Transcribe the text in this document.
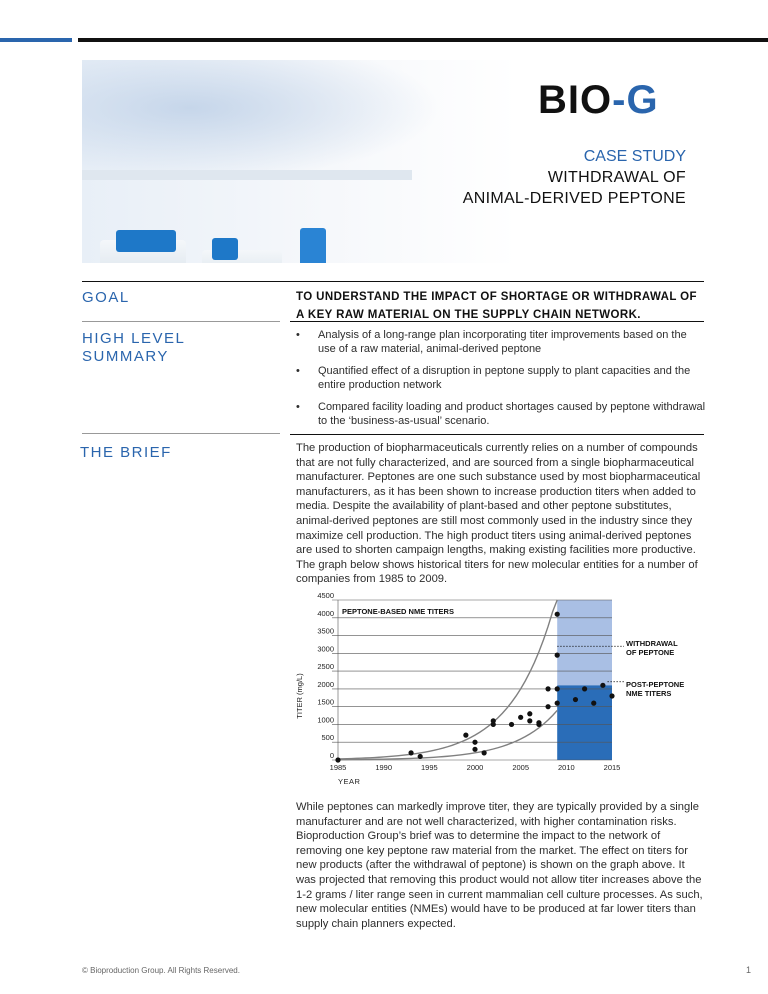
BIO-G
CASE STUDY
WITHDRAWAL OF
ANIMAL-DERIVED PEPTONE
GOAL	TO UNDERSTAND THE IMPACT OF SHORTAGE OR WITHDRAWAL OF A KEY RAW MATERIAL ON THE SUPPLY CHAIN NETWORK.
HIGH LEVEL
SUMMARY
• Analysis of a long-range plan incorporating titer improvements based on the use of a raw material, animal-derived peptone
• Quantified effect of a disruption in peptone supply to plant capacities and the entire production network
• Compared facility loading and product shortages caused by peptone withdrawal to the ‘business-as-usual’ scenario.
THE BRIEF	The production of biopharmaceuticals currently relies on a number of compounds that are not fully characterized, and are sourced from a single biopharmaceutical manufacturer. Peptones are one such substance used by most biopharmaceutical manufacturers, as it has been shown to increase production titers when added to media. Despite the availability of plant-based and other peptone substitutes, animal-derived peptones are still most commonly used in the industry since they maximize cell production. The high product titers using animal-derived peptones are used to shorten campaign lengths, making existing facilities more productive. The graph below shows historical titers for new molecular entities for a number of companies from 1985 to 2009.
0
500
1000
1500
2000
2500
3000
3500
4000
4500
1985	1990	1995	2000	2005	2010	2015
PEPTONE-BASED NME TITERS
YEAR
TITER (mg/L)
WITHDRAWAL
OF PEPTONE
POST-PEPTONE
NME TITERS
While peptones can markedly improve titer, they are typically provided by a single manufacturer and are not well characterized, with higher contamination risks. Bioproduction Group’s brief was to determine the impact to the network of removing one key peptone raw material from the market. The effect on titers for new products (after the withdrawal of peptone) is shown on the graph above. It was projected that removing this product would not allow titer increases above the 1-2 grams / liter range seen in current mammalian cell culture processes. As such, new molecular entities (NMEs) would have to be produced at far lower titers than supply chain planners expected.
© Bioproduction Group. All Rights Reserved.	1
